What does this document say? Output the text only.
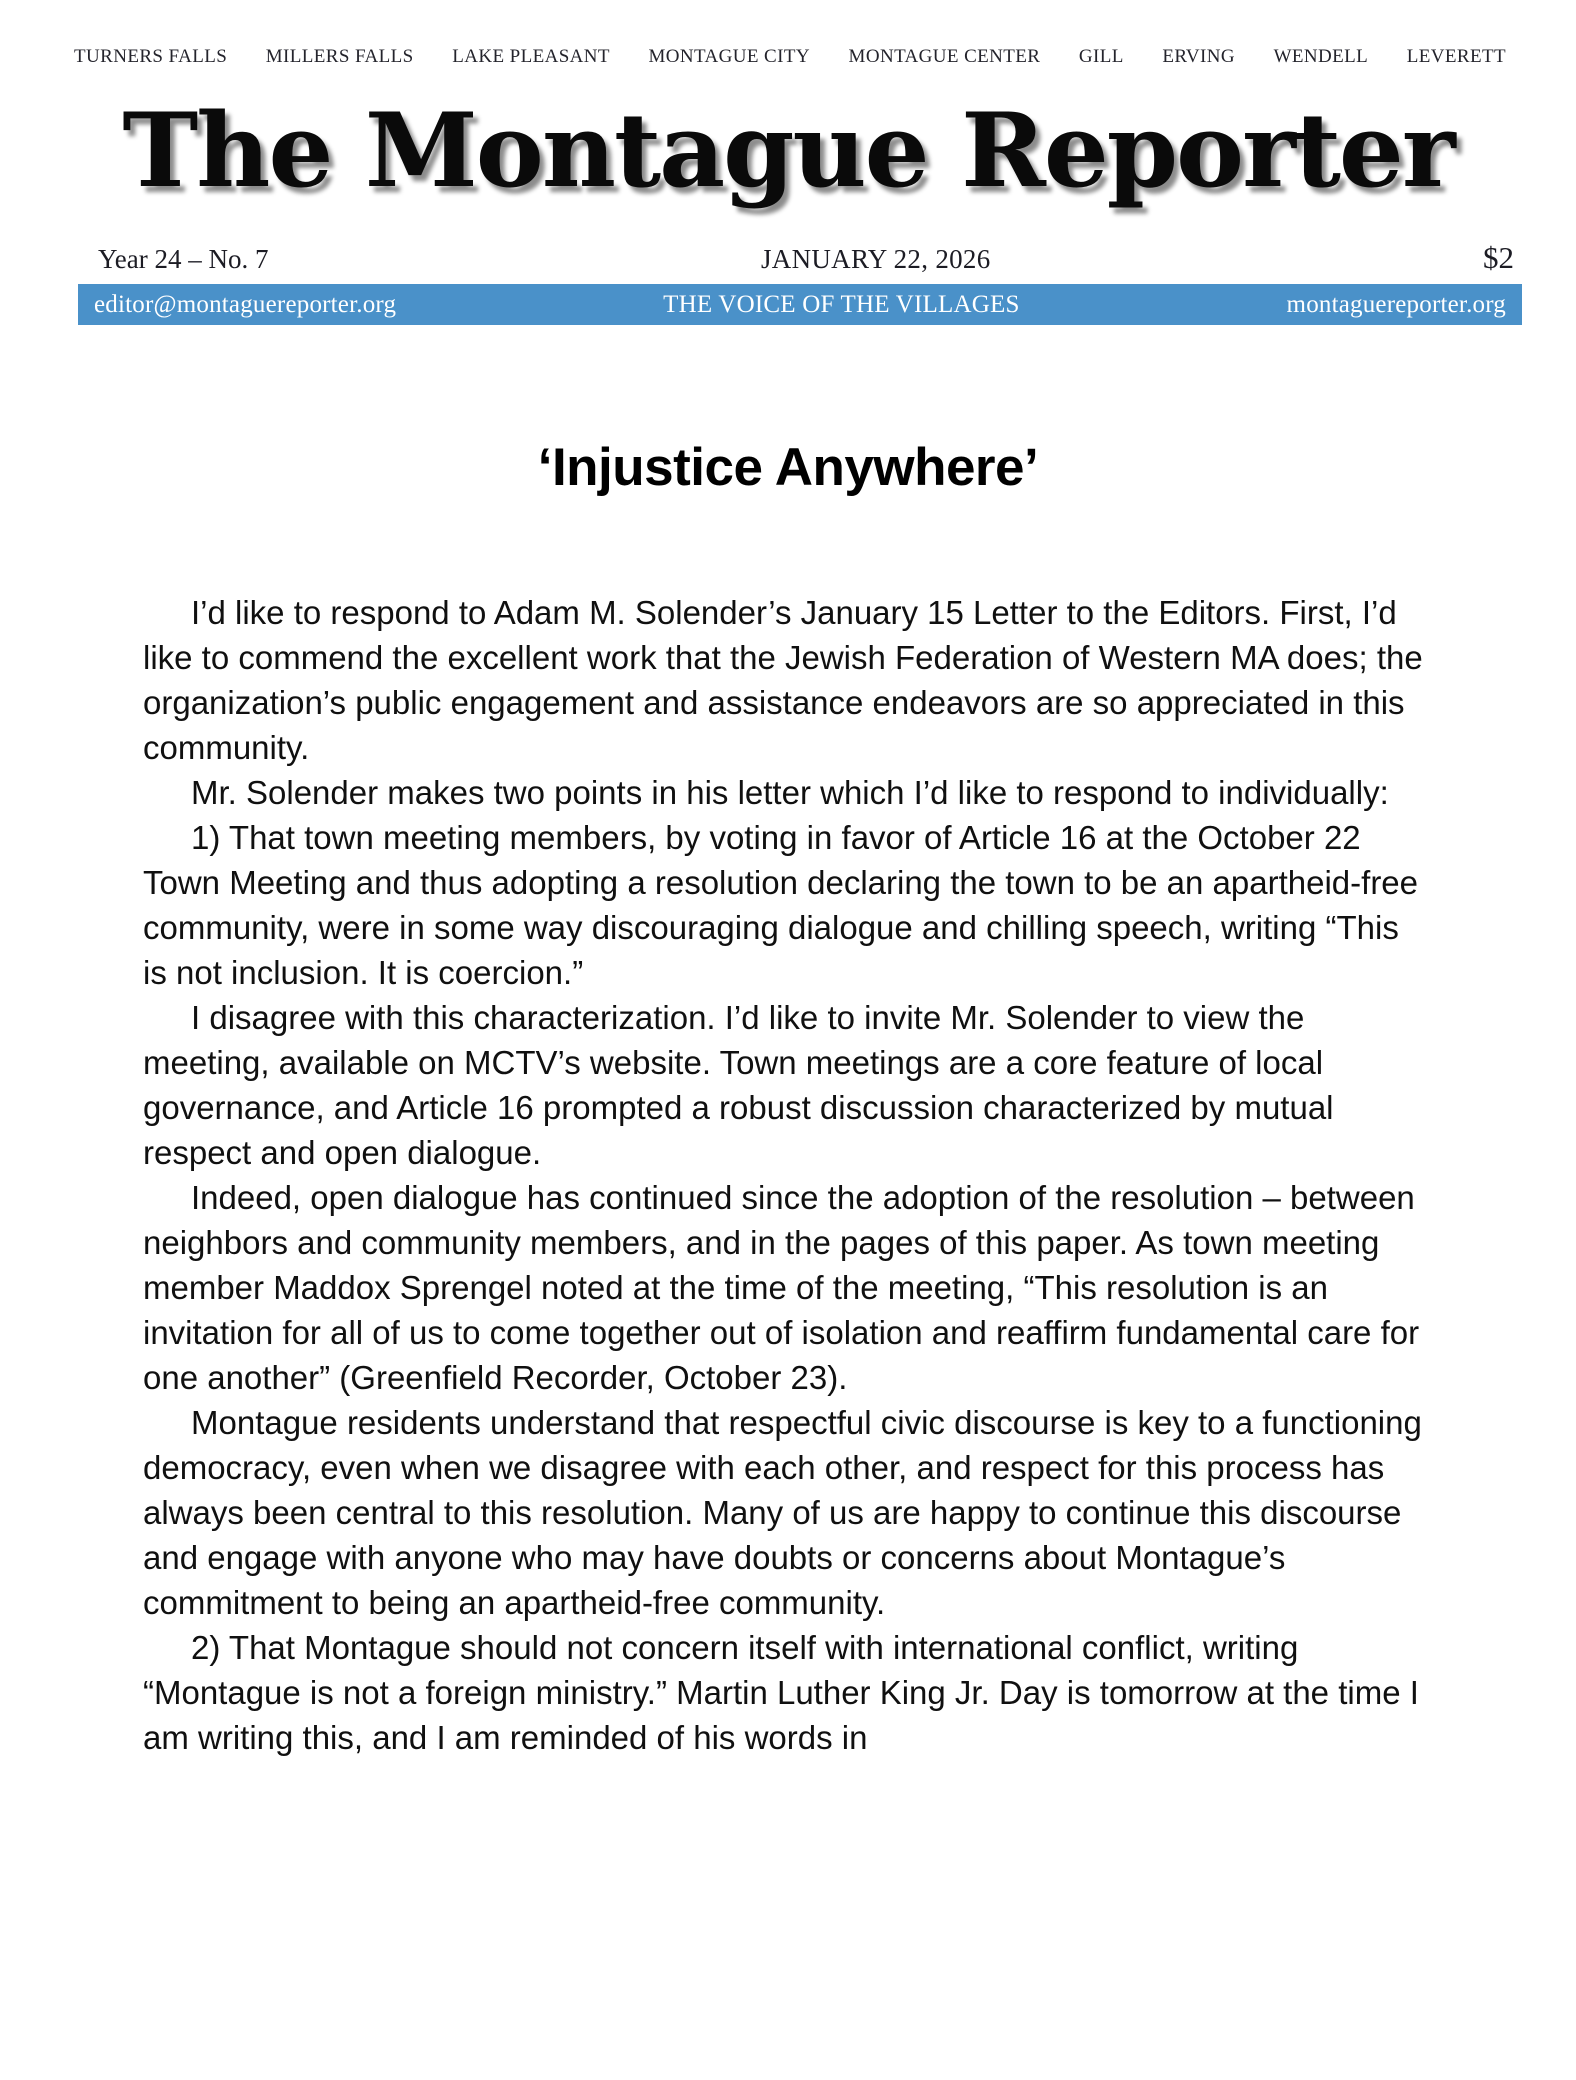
TURNERS FALLS MILLERS FALLS LAKE PLEASANT MONTAGUE CITY MONTAGUE CENTER GILL ERVING WENDELL LEVERETT
The Montague Reporter
Year 24 – No. 7	JANUARY 22, 2026	$2
editor@montaguereporter.org	THE VOICE OF THE VILLAGES	montaguereporter.org
‘Injustice Anywhere’

I’d like to respond to Adam M. Solender’s January 15 Letter to the Editors. First, I’d like to commend the excellent work that the Jewish Federation of Western MA does; the organization’s public engagement and assistance endeavors are so appreciated in this community.

Mr. Solender makes two points in his letter which I’d like to respond to individually:

1) That town meeting members, by voting in favor of Article 16 at the October 22 Town Meeting and thus adopting a resolution declaring the town to be an apartheid-free community, were in some way discouraging dialogue and chilling speech, writing “This is not inclusion. It is coercion.”

I disagree with this characterization. I’d like to invite Mr. Solender to view the meeting, available on MCTV’s website. Town meetings are a core feature of local governance, and Article 16 prompted a robust discussion characterized by mutual respect and open dialogue.

Indeed, open dialogue has continued since the adoption of the resolution – between neighbors and community members, and in the pages of this paper. As town meeting member Maddox Sprengel noted at the time of the meeting, “This resolution is an invitation for all of us to come together out of isolation and reaffirm fundamental care for one another” (Greenfield Recorder, October 23).

Montague residents understand that respectful civic discourse is key to a functioning democracy, even when we disagree with each other, and respect for this process has always been central to this resolution. Many of us are happy to continue this discourse and engage with anyone who may have doubts or concerns about Montague’s commitment to being an apartheid-free community.

2) That Montague should not concern itself with international conflict, writing “Montague is not a foreign ministry.” Martin Luther King Jr. Day is tomorrow at the time I am writing this, and I am reminded of his words in
